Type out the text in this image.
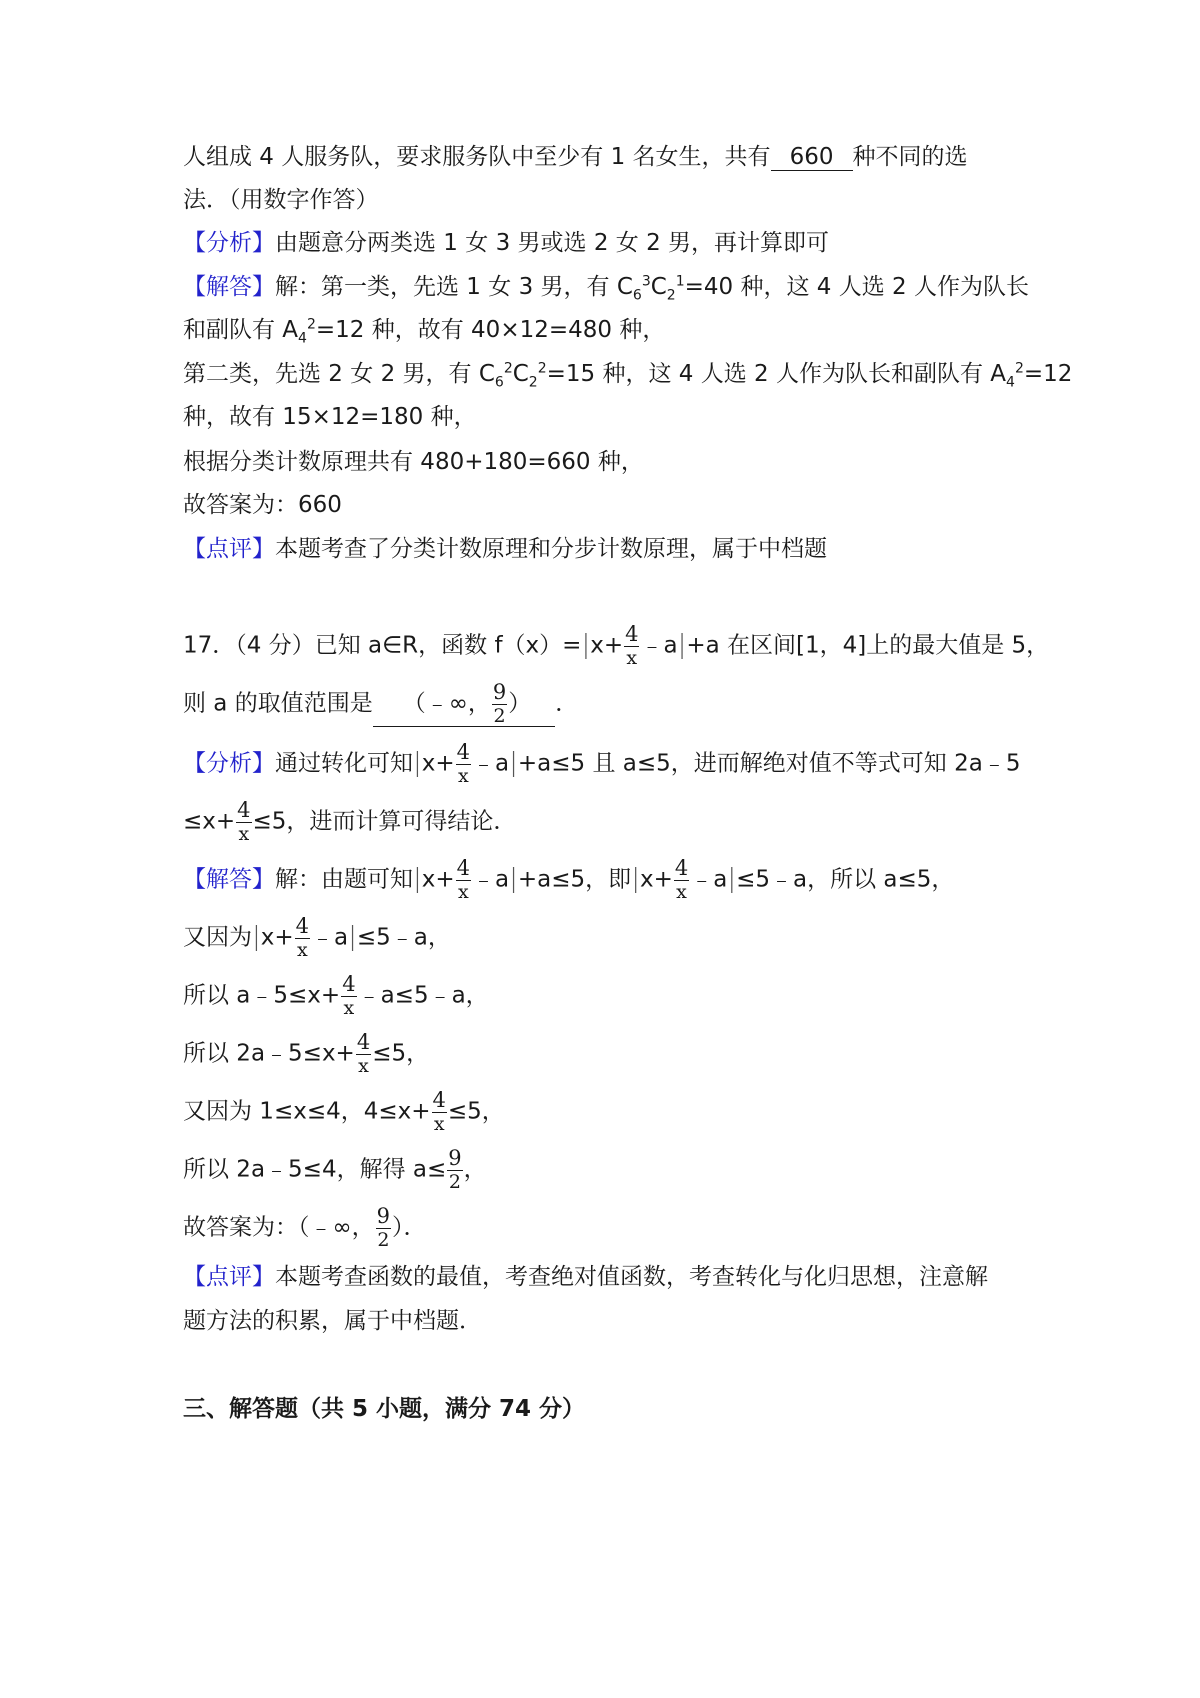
人组成 4 人服务队，要求服务队中至少有 1 名女生，共有 660 种不同的选
法．（用数字作答）
【分析】由题意分两类选 1 女 3 男或选 2 女 2 男，再计算即可
【解答】解：第一类，先选 1 女 3 男，有 $C_6^3C_2^1=40$ 种，这 4 人选 2 人作为队长
和副队有 $A_4^2=12$ 种，故有 40×12=480 种，
第二类，先选 2 女 2 男，有 $C_6^2C_2^2=15$ 种，这 4 人选 2 人作为队长和副队有 $A_4^2=12$
种，故有 15×12=180 种，
根据分类计数原理共有 480+180=660 种，
故答案为：660
【点评】本题考查了分类计数原理和分步计数原理，属于中档题
17．（4 分）已知 a∈R，函数 $f(x)=|x+ \frac{4}{x}$ ﹣a|+a 在区间[1，4]上的最大值是 5，
则 a 的取值范围是 （﹣∞， $\frac{9}{2}$ ） ．
【分析】通过转化可知$|x+ \frac{4}{x}$ ﹣a|+a≤5 且 a≤5，进而解绝对值不等式可知 2a﹣5
$\le x+ \frac{4}{x} \le 5$，进而计算可得结论．
【解答】解：由题可知$|x+ \frac{4}{x}$ ﹣a|+a≤5，即$|x+ \frac{4}{x}$ ﹣a|≤5﹣a，所以 a≤5，
又因为$|x+ \frac{4}{x}$ ﹣a|≤5﹣a，
所以 a﹣5≤x+ $\frac{4}{x}$ ﹣a≤5﹣a，
所以 2a﹣5≤x+ $\frac{4}{x} \le 5$，
又因为 1≤x≤4，$4\le x+ \frac{4}{x} \le 5$，
所以 2a﹣5≤4，解得 $a\le \frac{9}{2}$ ，
故答案为：（﹣∞， $\frac{9}{2}$ ）．
【点评】本题考查函数的最值，考查绝对值函数，考查转化与化归思想，注意解
题方法的积累，属于中档题．
三、解答题（共 5 小题，满分 74 分）
